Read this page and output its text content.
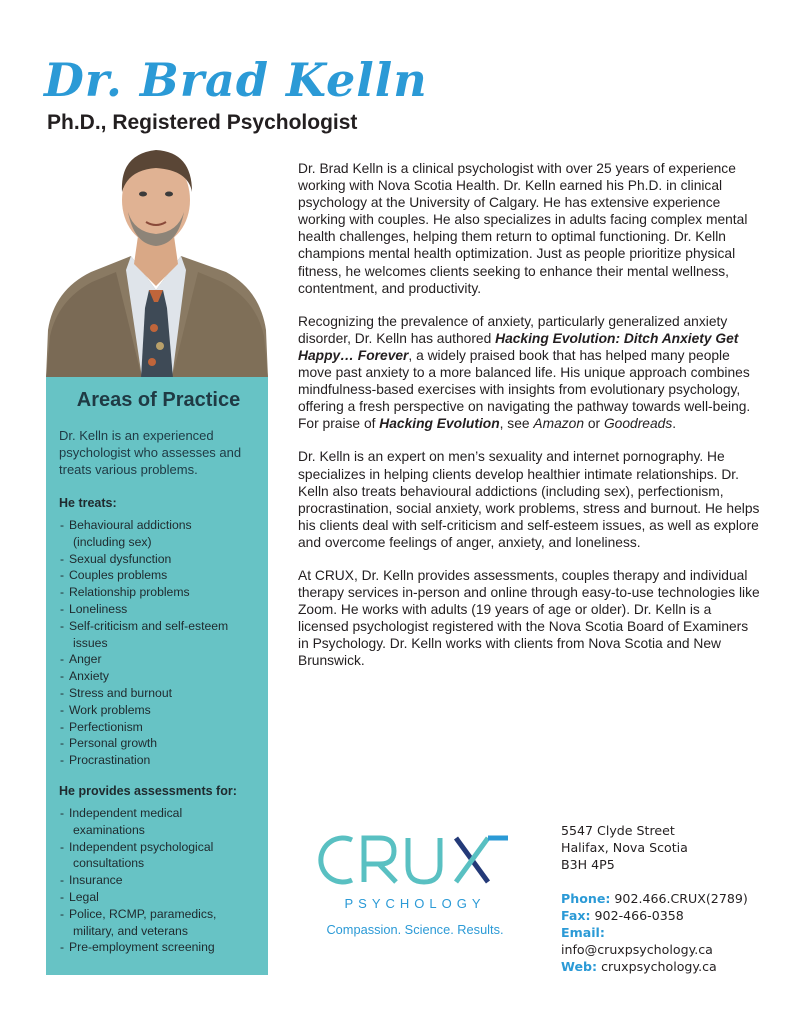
Dr. Brad Kelln
Ph.D., Registered Psychologist
Areas of Practice

Dr. Kelln is an experienced psychologist who assesses and treats various problems.

He treats:
- Behavioural addictions
(including sex)
- Sexual dysfunction
- Couples problems
- Relationship problems
- Loneliness
- Self-criticism and self-esteem
issues
- Anger
- Anxiety
- Stress and burnout
- Work problems
- Perfectionism
- Personal growth
- Procrastination
He provides assessments for:
- Independent medical
examinations
- Independent psychological
consultations
- Insurance
- Legal
- Police, RCMP, paramedics,
military, and veterans
- Pre-employment screening

Dr. Brad Kelln is a clinical psychologist with over 25 years of experience working with Nova Scotia Health. Dr. Kelln earned his Ph.D. in clinical psychology at the University of Calgary. He has extensive experience working with couples. He also specializes in adults facing complex mental health challenges, helping them return to optimal functioning. Dr. Kelln champions mental health optimization. Just as people prioritize physical fitness, he welcomes clients seeking to enhance their mental wellness, contentment, and productivity.

Recognizing the prevalence of anxiety, particularly generalized anxiety disorder, Dr. Kelln has authored Hacking Evolution: Ditch Anxiety Get Happy… Forever, a widely praised book that has helped many people move past anxiety to a more balanced life. His unique approach combines mindfulness-based exercises with insights from evolutionary psychology, offering a fresh perspective on navigating the pathway towards well-being. For praise of Hacking Evolution, see Amazon or Goodreads.

Dr. Kelln is an expert on men’s sexuality and internet pornography. He specializes in helping clients develop healthier intimate relationships. Dr. Kelln also treats behavioural addictions (including sex), perfectionism, procrastination, social anxiety, work problems, stress and burnout. He helps his clients deal with self-criticism and self-esteem issues, as well as explore and overcome feelings of anger, anxiety, and loneliness.

At CRUX, Dr. Kelln provides assessments, couples therapy and individual therapy services in-person and online through easy-to-use technologies like Zoom. He works with adults (19 years of age or older). Dr. Kelln is a licensed psychologist registered with the Nova Scotia Board of Examiners in Psychology. Dr. Kelln works with clients from Nova Scotia and New Brunswick.

PSYCHOLOGY
Compassion. Science. Results.
5547 Clyde Street
Halifax, Nova Scotia
B3H 4P5
Phone: 902.466.CRUX(2789)
Fax: 902-466-0358
Email:
info@cruxpsychology.ca
Web: cruxpsychology.ca
